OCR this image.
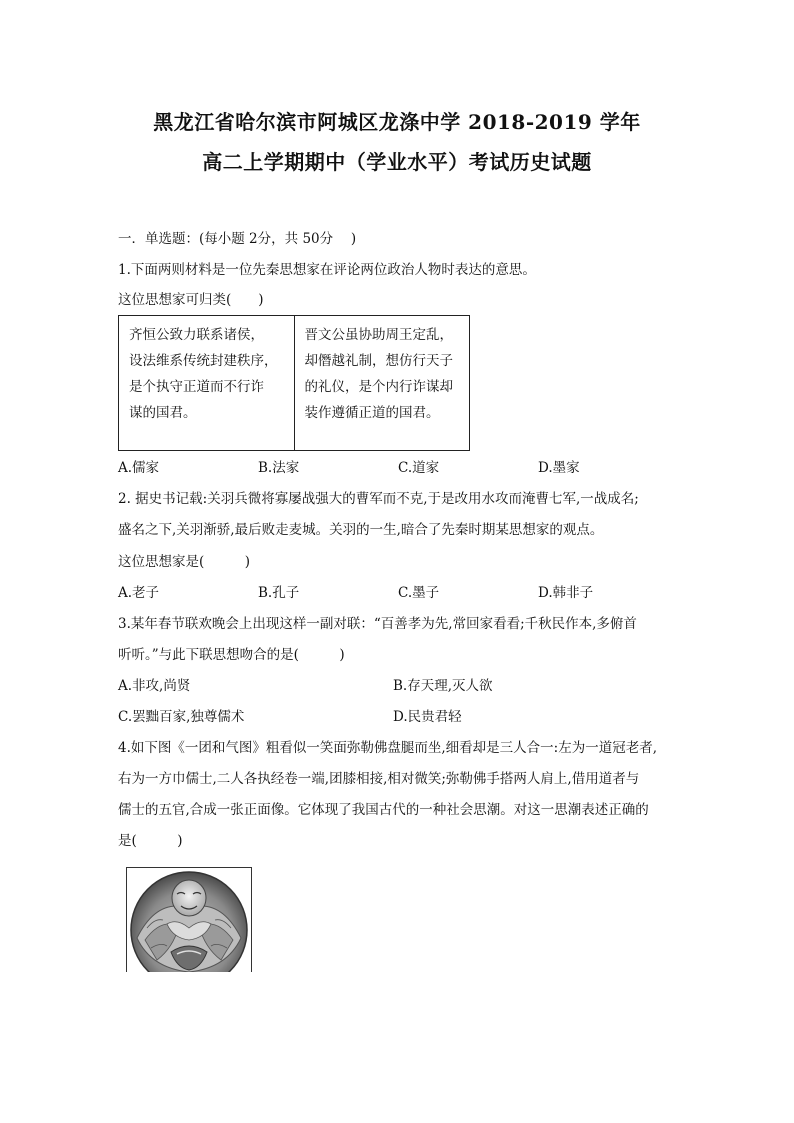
黑龙江省哈尔滨市阿城区龙涤中学 2018-2019 学年
高二上学期期中（学业水平）考试历史试题
一．单选题：(每小题 2分，共 50分　 )
1.下面两则材料是一位先秦思想家在评论两位政治人物时表达的意思。
这位思想家可归类(　　)
齐恒公致力联系诸侯，
设法维系传统封建秩序，
是个执守正道而不行诈
谋的国君。

晋文公虽协助周王定乱，
却僭越礼制，想仿行天子
的礼仪，是个内行诈谋却
装作遵循正道的国君。
A.儒家	B.法家	C.道家	D.墨家
2. 据史书记载:关羽兵微将寡屡战强大的曹军而不克,于是改用水攻而淹曹七军,一战成名;
盛名之下,关羽渐骄,最后败走麦城。关羽的一生,暗合了先秦时期某思想家的观点。
这位思想家是(　　　)
A.老子	B.孔子	C.墨子	D.韩非子
3.某年春节联欢晚会上出现这样一副对联：“百善孝为先,常回家看看;千秋民作本,多俯首
听听。”与此下联思想吻合的是(　　　)
A.非攻,尚贤	B.存天理,灭人欲
C.罢黜百家,独尊儒术	D.民贵君轻
4.如下图《一团和气图》粗看似一笑面弥勒佛盘腿而坐,细看却是三人合一:左为一道冠老者,
右为一方巾儒士,二人各执经卷一端,团膝相接,相对微笑;弥勒佛手搭两人肩上,借用道者与
儒士的五官,合成一张正面像。它体现了我国古代的一种社会思潮。对这一思潮表述正确的
是(　　　)
